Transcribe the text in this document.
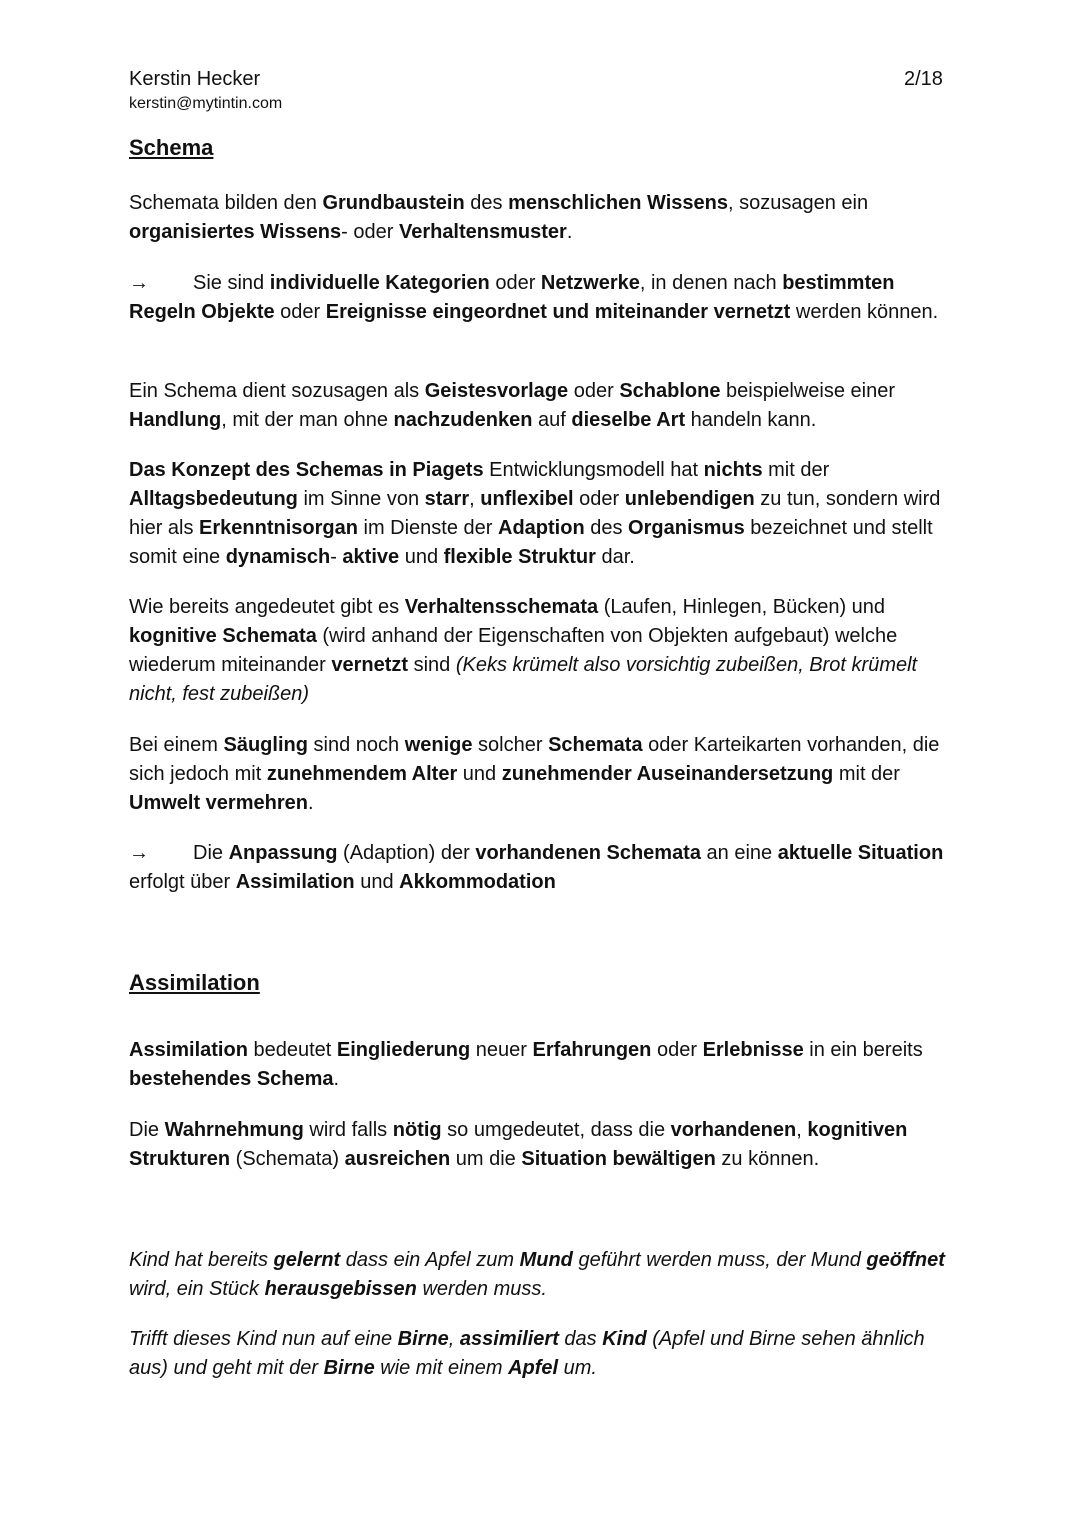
Kerstin Hecker
kerstin@mytintin.com
2/18
Schema

Schemata bilden den Grundbaustein des menschlichen Wissens, sozusagen ein organisiertes Wissens- oder Verhaltensmuster.

→ Sie sind individuelle Kategorien oder Netzwerke, in denen nach bestimmten Regeln Objekte oder Ereignisse eingeordnet und miteinander vernetzt werden können.

Ein Schema dient sozusagen als Geistesvorlage oder Schablone beispielweise einer Handlung, mit der man ohne nachzudenken auf dieselbe Art handeln kann.

Das Konzept des Schemas in Piagets Entwicklungsmodell hat nichts mit der Alltagsbedeutung im Sinne von starr, unflexibel oder unlebendigen zu tun, sondern wird hier als Erkenntnisorgan im Dienste der Adaption des Organismus bezeichnet und stellt somit eine dynamisch- aktive und flexible Struktur dar.

Wie bereits angedeutet gibt es Verhaltensschemata (Laufen, Hinlegen, Bücken) und kognitive Schemata (wird anhand der Eigenschaften von Objekten aufgebaut) welche wiederum miteinander vernetzt sind (Keks krümelt also vorsichtig zubeißen, Brot krümelt nicht, fest zubeißen)

Bei einem Säugling sind noch wenige solcher Schemata oder Karteikarten vorhanden, die sich jedoch mit zunehmendem Alter und zunehmender Auseinandersetzung mit der Umwelt vermehren.

→ Die Anpassung (Adaption) der vorhandenen Schemata an eine aktuelle Situation erfolgt über Assimilation und Akkommodation

Assimilation

Assimilation bedeutet Eingliederung neuer Erfahrungen oder Erlebnisse in ein bereits bestehendes Schema.

Die Wahrnehmung wird falls nötig so umgedeutet, dass die vorhandenen, kognitiven Strukturen (Schemata) ausreichen um die Situation bewältigen zu können.

Kind hat bereits gelernt dass ein Apfel zum Mund geführt werden muss, der Mund geöffnet wird, ein Stück herausgebissen werden muss.

Trifft dieses Kind nun auf eine Birne, assimiliert das Kind (Apfel und Birne sehen ähnlich aus) und geht mit der Birne wie mit einem Apfel um.
